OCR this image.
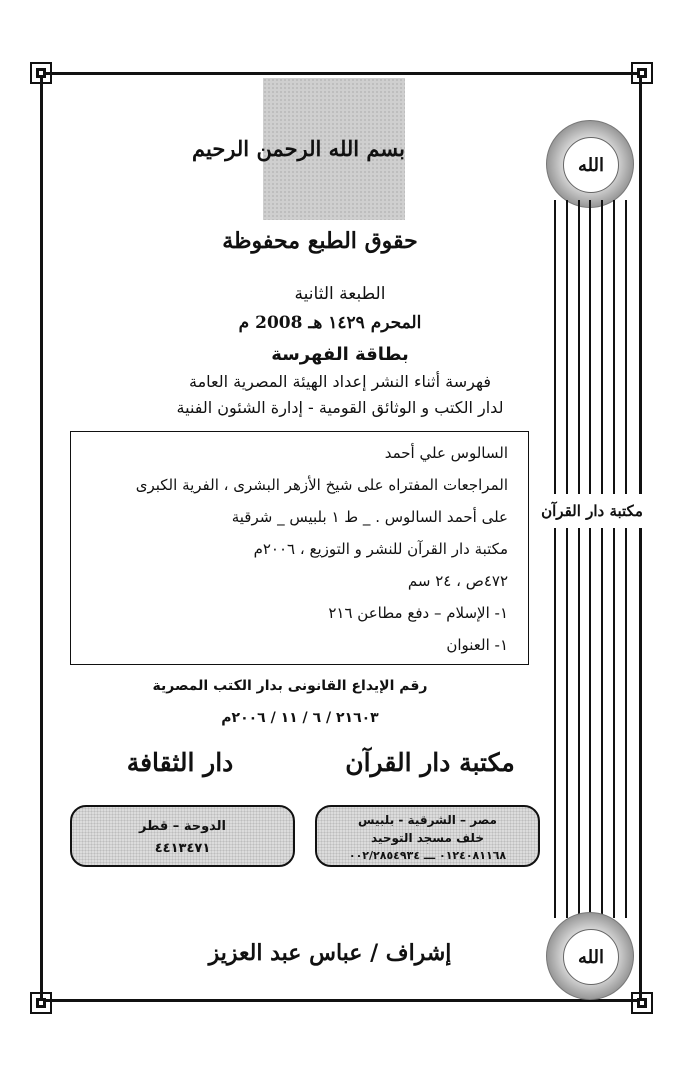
بسم الله الرحمن الرحيم
حقوق الطبع محفوظة
الطبعة الثانية
المحرم ١٤٢٩ هـ 2008 م
بطاقة الفهرسة
فهرسة أثناء النشر إعداد الهيئة المصرية العامة
لدار الكتب و الوثائق القومية - إدارة الشئون الفنية
السالوس علي أحمد
المراجعات المفتراه على شيخ الأزهر البشرى ، الفرية الكبرى
على أحمد السالوس . _ ط ١ بلبيس _ شرقية
مكتبة دار القرآن للنشر و التوزيع ، ٢٠٠٦م
٤٧٢ص ، ٢٤ سم
١- الإسلام – دفع مطاعن ٢١٦
١- العنوان
رقم الإيداع القانونى بدار الكتب المصرية
٢١٦٠٣ / ٦ / ١١ / ٢٠٠٦م
الله
مكتبة دار القرآن
الله
مكتبة دار القرآن
دار الثقافة
مصر – الشرقية - بلبيس
خلف مسجد التوحيد
٠١٢٤٠٨١١٦٨ ـــ ٠٠٢/٢٨٥٤٩٣٤
الدوحة – قطر
٤٤١٣٤٧١
إشراف / عباس عبد العزيز
